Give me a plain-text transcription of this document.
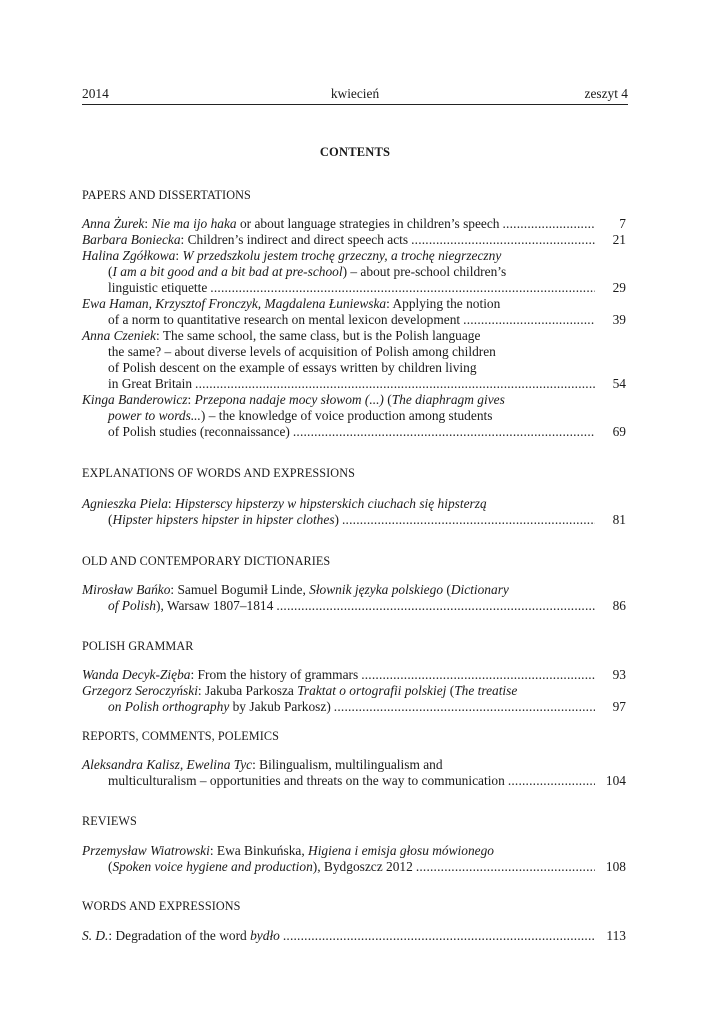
2014	kwiecień	zeszyt 4
CONTENTS
PAPERS AND DISSERTATIONS
Anna Żurek: Nie ma ijo haka or about language strategies in children’s speech .....	7
Barbara Boniecka: Children’s indirect and direct speech acts .....	21
Halina Zgółkowa: W przedszkolu jestem trochę grzeczny, a trochę niegrzeczny
(I am a bit good and a bit bad at pre-school) – about pre-school children’s
linguistic etiquette .....	29
Ewa Haman, Krzysztof Fronczyk, Magdalena Łuniewska: Applying the notion
of a norm to quantitative research on mental lexicon development .....	39
Anna Czeniek: The same school, the same class, but is the Polish language
the same? – about diverse levels of acquisition of Polish among children
of Polish descent on the example of essays written by children living
in Great Britain .....	54
Kinga Banderowicz: Przepona nadaje mocy słowom (...) (The diaphragm gives
power to words...) – the knowledge of voice production among students
of Polish studies (reconnaissance) .....	69
EXPLANATIONS OF WORDS AND EXPRESSIONS
Agnieszka Piela: Hipsterscy hipsterzy w hipsterskich ciuchach się hipsterzą
(Hipster hipsters hipster in hipster clothes) .....	81
OLD AND CONTEMPORARY DICTIONARIES
Mirosław Bańko: Samuel Bogumił Linde, Słownik języka polskiego (Dictionary
of Polish), Warsaw 1807–1814 .....	86
POLISH GRAMMAR
Wanda Decyk-Zięba: From the history of grammars .....	93
Grzegorz Seroczyński: Jakuba Parkosza Traktat o ortografii polskiej (The treatise
on Polish orthography by Jakub Parkosz) .....	97
REPORTS, COMMENTS, POLEMICS
Aleksandra Kalisz, Ewelina Tyc: Bilingualism, multilingualism and
multiculturalism – opportunities and threats on the way to communication .....	104
REVIEWS
Przemysław Wiatrowski: Ewa Binkuńska, Higiena i emisja głosu mówionego
(Spoken voice hygiene and production), Bydgoszcz 2012 .....	108
WORDS AND EXPRESSIONS
S. D.: Degradation of the word bydło .....	113
